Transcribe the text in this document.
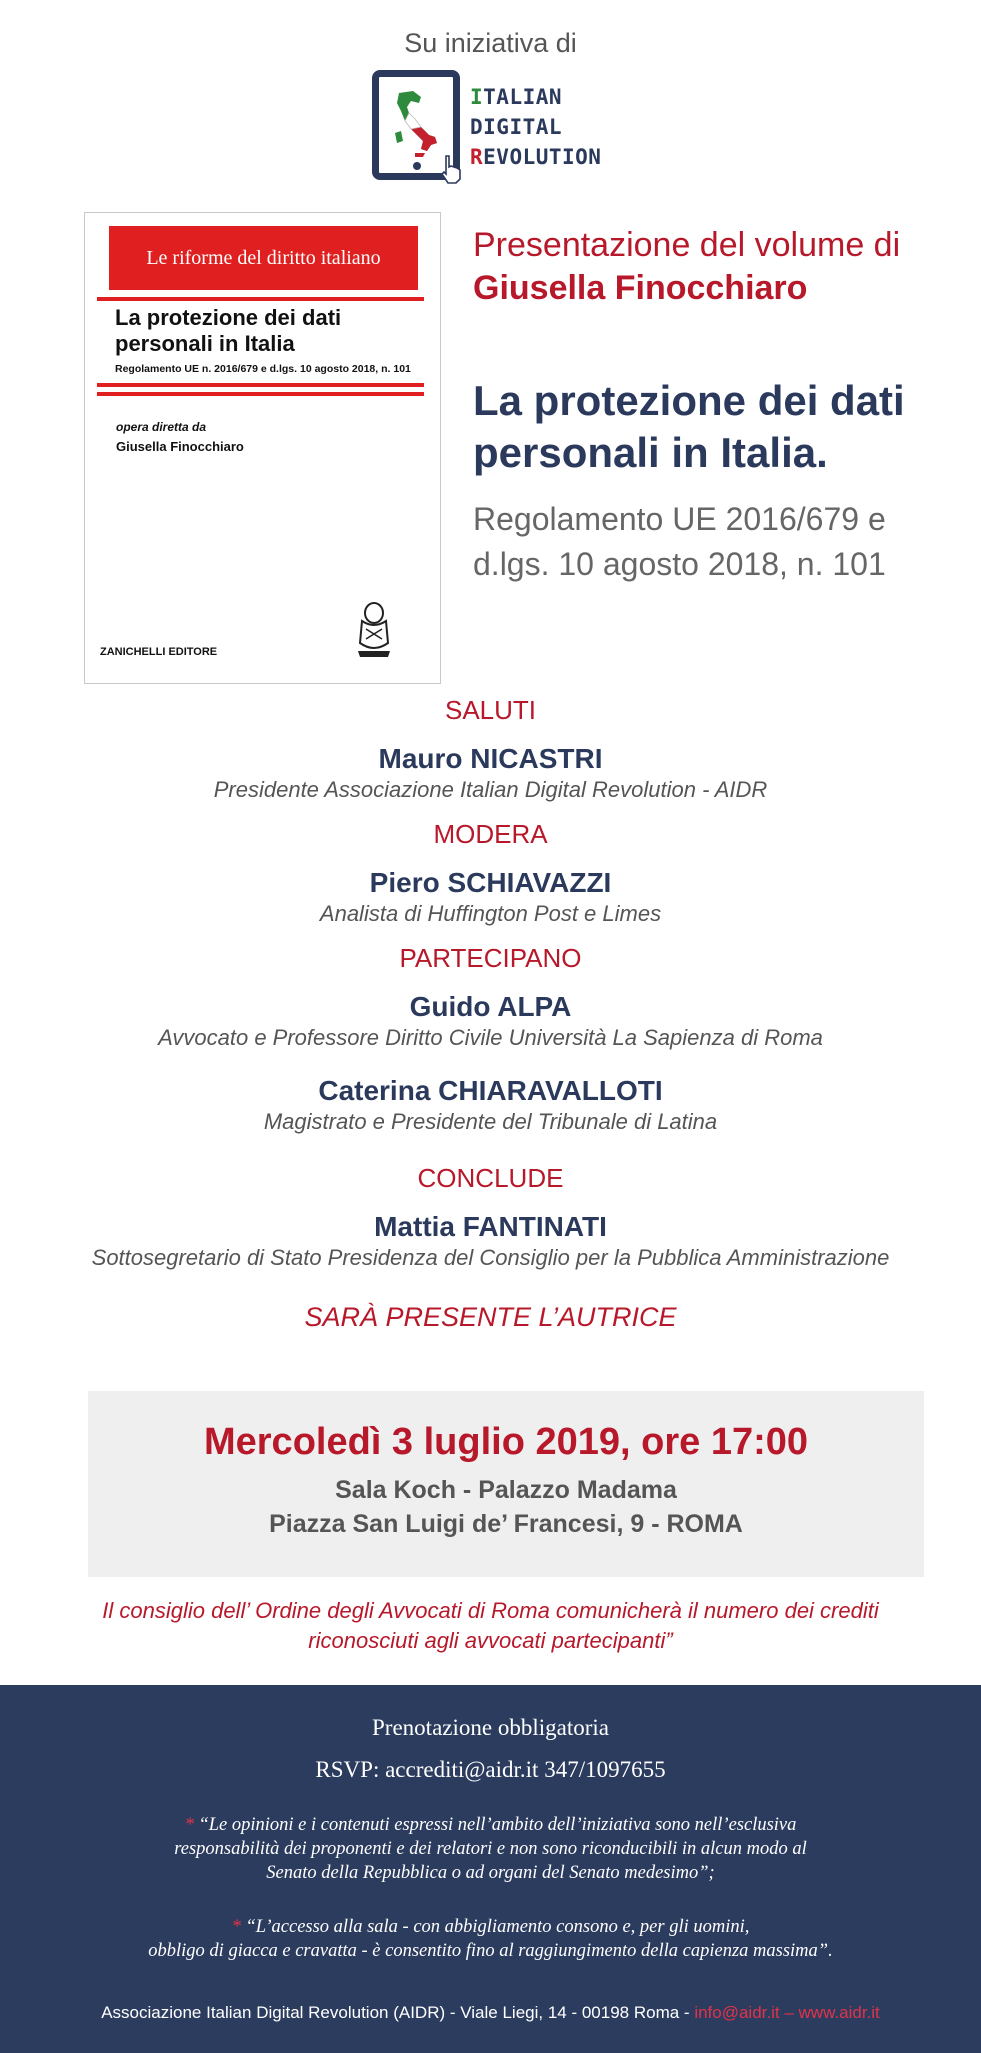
Su iniziativa di
ITALIAN
DIGITAL
REVOLUTION
Le riforme del diritto italiano
La protezione dei dati
personali in Italia
Regolamento UE n. 2016/679 e d.lgs. 10 agosto 2018, n. 101
opera diretta da
Giusella Finocchiaro
ZANICHELLI EDITORE
Presentazione del volume di
Giusella Finocchiaro
La protezione dei dati
personali in Italia.
Regolamento UE 2016/679 e
d.lgs. 10 agosto 2018, n. 101
SALUTI
Mauro NICASTRI
Presidente Associazione Italian Digital Revolution - AIDR
MODERA
Piero SCHIAVAZZI
Analista di Huffington Post e Limes
PARTECIPANO
Guido ALPA
Avvocato e Professore Diritto Civile Università La Sapienza di Roma
Caterina CHIARAVALLOTI
Magistrato e Presidente del Tribunale di Latina
CONCLUDE
Mattia FANTINATI
Sottosegretario di Stato Presidenza del Consiglio per la Pubblica Amministrazione
SARÀ PRESENTE L’AUTRICE
Mercoledì 3 luglio 2019, ore 17:00
Sala Koch - Palazzo Madama
Piazza San Luigi de’ Francesi, 9 - ROMA
Il consiglio dell’ Ordine degli Avvocati di Roma comunicherà il numero dei crediti
riconosciuti agli avvocati partecipanti”
Prenotazione obbligatoria
RSVP: accrediti@aidr.it 347/1097655
* “Le opinioni e i contenuti espressi nell’ambito dell’iniziativa sono nell’esclusiva
responsabilità dei proponenti e dei relatori e non sono riconducibili in alcun modo al
Senato della Repubblica o ad organi del Senato medesimo”;
* “L’accesso alla sala - con abbigliamento consono e, per gli uomini,
obbligo di giacca e cravatta - è consentito fino al raggiungimento della capienza massima”.
Associazione Italian Digital Revolution (AIDR) - Viale Liegi, 14 - 00198 Roma - info@aidr.it – www.aidr.it
